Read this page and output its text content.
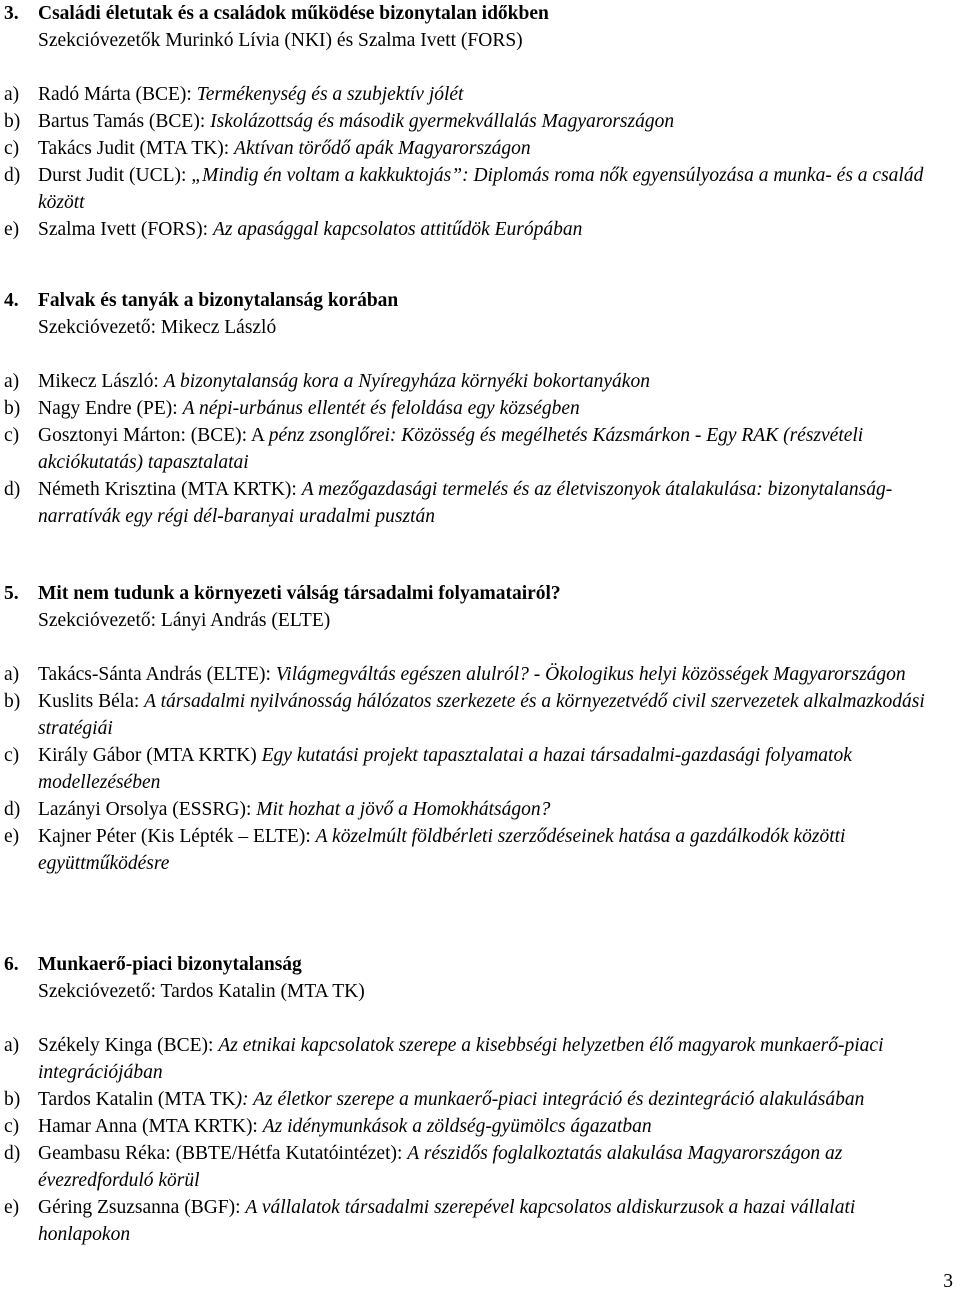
3. Családi életutak és a családok működése bizonytalan időkben
Szekcióvezetők Murinkó Lívia (NKI) és Szalma Ivett (FORS)
a) Radó Márta (BCE): Termékenység és a szubjektív jólét
b) Bartus Tamás (BCE): Iskolázottság és második gyermekvállalás Magyarországon
c) Takács Judit (MTA TK): Aktívan törődő apák Magyarországon
d) Durst Judit (UCL): „Mindig én voltam a kakkuktojás”: Diplomás roma nők egyensúlyozása a munka- és a család között
e) Szalma Ivett (FORS): Az apasággal kapcsolatos attitűdök Európában
4. Falvak és tanyák a bizonytalanság korában
Szekcióvezető: Mikecz László
a) Mikecz László: A bizonytalanság kora a Nyíregyháza környéki bokortanyákon
b) Nagy Endre (PE): A népi-urbánus ellentét és feloldása egy községben
c) Gosztonyi Márton: (BCE): A pénz zsonglőrei: Közösség és megélhetés Kázsmárkon - Egy RAK (részvételi akciókutatás) tapasztalatai
d) Németh Krisztina (MTA KRTK): A mezőgazdasági termelés és az életviszonyok átalakulása: bizonytalanság-narratívák egy régi dél-baranyai uradalmi pusztán
5. Mit nem tudunk a környezeti válság társadalmi folyamatairól?
Szekcióvezető: Lányi András (ELTE)
a) Takács-Sánta András (ELTE): Világmegváltás egészen alulról? - Ökologikus helyi közösségek Magyarországon
b) Kuslits Béla: A társadalmi nyilvánosság hálózatos szerkezete és a környezetvédő civil szervezetek alkalmazkodási stratégiái
c) Király Gábor (MTA KRTK) Egy kutatási projekt tapasztalatai a hazai társadalmi-gazdasági folyamatok modellezésében
d) Lazányi Orsolya (ESSRG): Mit hozhat a jövő a Homokhátságon?
e) Kajner Péter (Kis Lépték – ELTE): A közelmúlt földbérleti szerződéseinek hatása a gazdálkodók közötti együttműködésre
6. Munkaerő-piaci bizonytalanság
Szekcióvezető: Tardos Katalin (MTA TK)
a) Székely Kinga (BCE): Az etnikai kapcsolatok szerepe a kisebbségi helyzetben élő magyarok munkaerő-piaci integrációjában
b) Tardos Katalin (MTA TK): Az életkor szerepe a munkaerő-piaci integráció és dezintegráció alakulásában
c) Hamar Anna (MTA KRTK): Az idénymunkások a zöldség-gyümölcs ágazatban
d) Geambasu Réka: (BBTE/Hétfa Kutatóintézet): A részidős foglalkoztatás alakulása Magyarországon az évezredforduló körül
e) Géring Zsuzsanna (BGF): A vállalatok társadalmi szerepével kapcsolatos aldiskurzusok a hazai vállalati honlapokon
3
